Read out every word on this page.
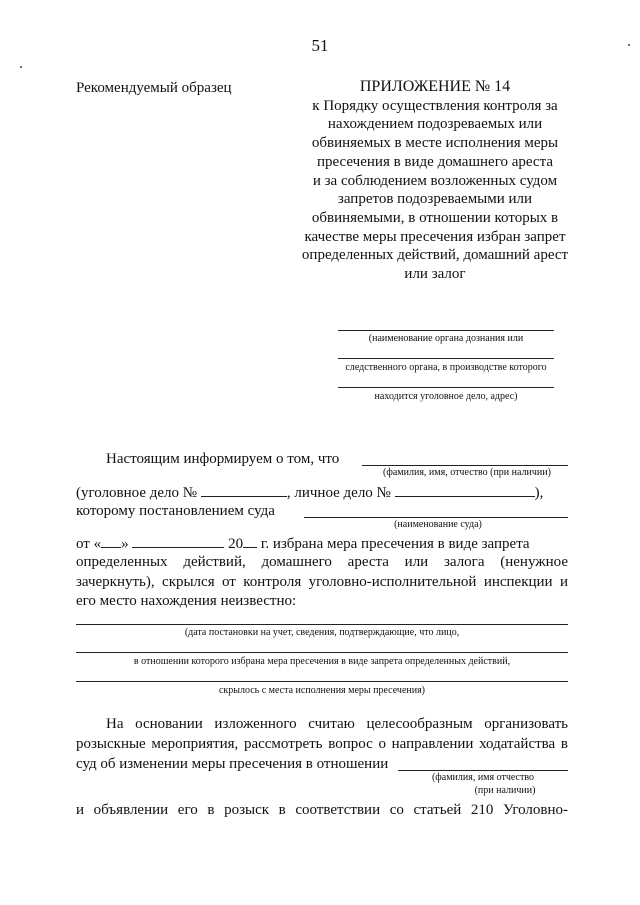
51
Рекомендуемый образец	ПРИЛОЖЕНИЕ № 14
к Порядку осуществления контроля за
нахождением подозреваемых или
обвиняемых в месте исполнения меры
пресечения в виде домашнего ареста
и за соблюдением возложенных судом
запретов подозреваемыми или
обвиняемыми, в отношении которых в
качестве меры пресечения избран запрет
определенных действий, домашний арест
или залог
(наименование органа дознания или
следственного органа, в производстве которого
находится уголовное дело, адрес)
Настоящим информируем о том, что
(фамилия, имя, отчество (при наличии)
(уголовное дело №	, личное дело №	),
которому постановлением суда
(наименование суда)
от « »	20 г. избрана мера пресечения в виде запрета
определенных действий, домашнего ареста или залога (ненужное
зачеркнуть), скрылся от контроля уголовно-исполнительной инспекции и
его место нахождения неизвестно:
(дата постановки на учет, сведения, подтверждающие, что лицо,
в отношении которого избрана мера пресечения в виде запрета определенных действий,
скрылось с места исполнения меры пресечения)
На основании изложенного считаю целесообразным организовать
розыскные мероприятия, рассмотреть вопрос о направлении ходатайства в
суд об изменении меры пресечения в отношении
(фамилия, имя отчество
(при наличии)
и объявлении его в розыск в соответствии со статьей 210 Уголовно-
